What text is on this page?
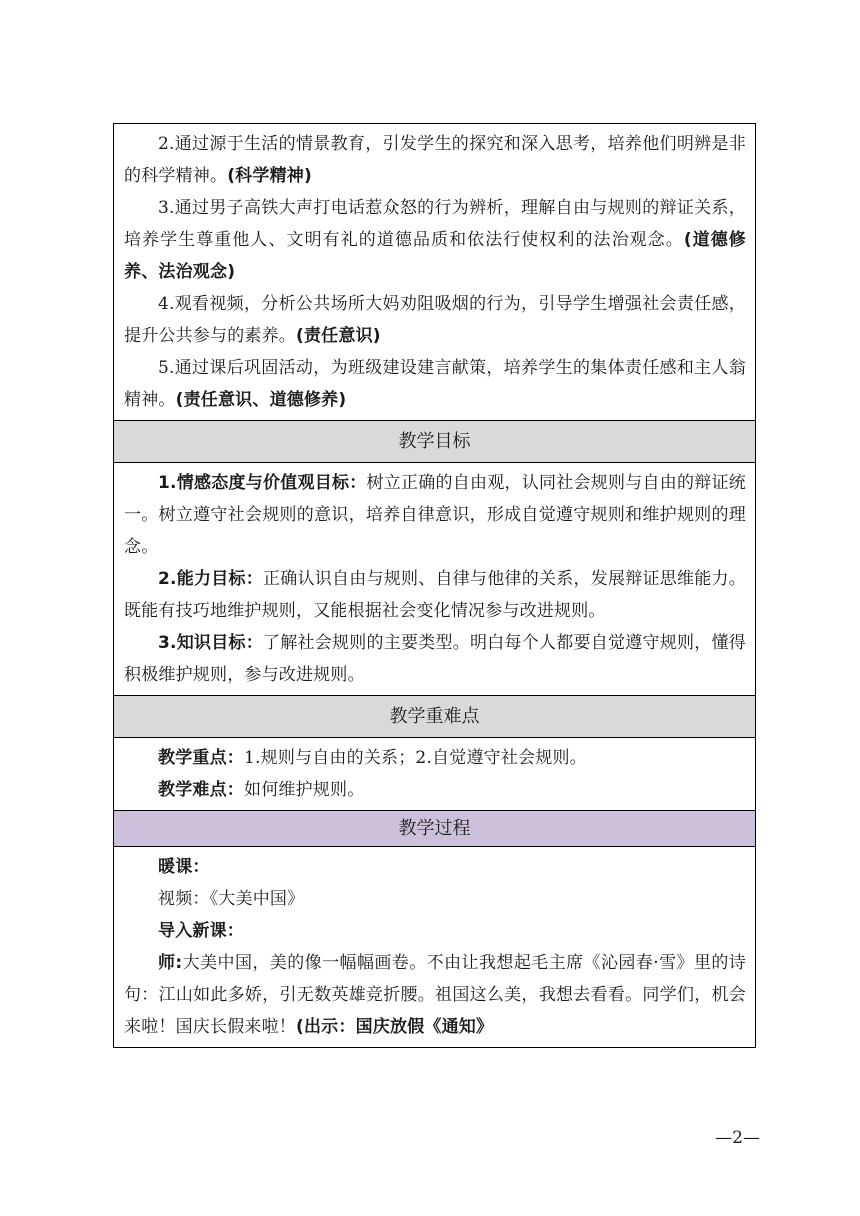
2.通过源于生活的情景教育，引发学生的探究和深入思考，培养他们明辨是非的科学精神。(科学精神)

3.通过男子高铁大声打电话惹众怒的行为辨析，理解自由与规则的辩证关系，培养学生尊重他人、文明有礼的道德品质和依法行使权利的法治观念。(道德修养、法治观念)

4.观看视频，分析公共场所大妈劝阻吸烟的行为，引导学生增强社会责任感，提升公共参与的素养。(责任意识)

5.通过课后巩固活动，为班级建设建言献策，培养学生的集体责任感和主人翁精神。(责任意识、道德修养)

教学目标

1.情感态度与价值观目标：树立正确的自由观，认同社会规则与自由的辩证统一。树立遵守社会规则的意识，培养自律意识，形成自觉遵守规则和维护规则的理念。

2.能力目标：正确认识自由与规则、自律与他律的关系，发展辩证思维能力。既能有技巧地维护规则，又能根据社会变化情况参与改进规则。

3.知识目标：了解社会规则的主要类型。明白每个人都要自觉遵守规则，懂得积极维护规则，参与改进规则。

教学重难点

教学重点：1.规则与自由的关系；2.自觉遵守社会规则。

教学难点：如何维护规则。

教学过程

暖课：

视频：《大美中国》

导入新课：

师:大美中国，美的像一幅幅画卷。不由让我想起毛主席《沁园春·雪》里的诗句：江山如此多娇，引无数英雄竞折腰。祖国这么美，我想去看看。同学们，机会来啦！国庆长假来啦！(出示：国庆放假《通知》

—2—
